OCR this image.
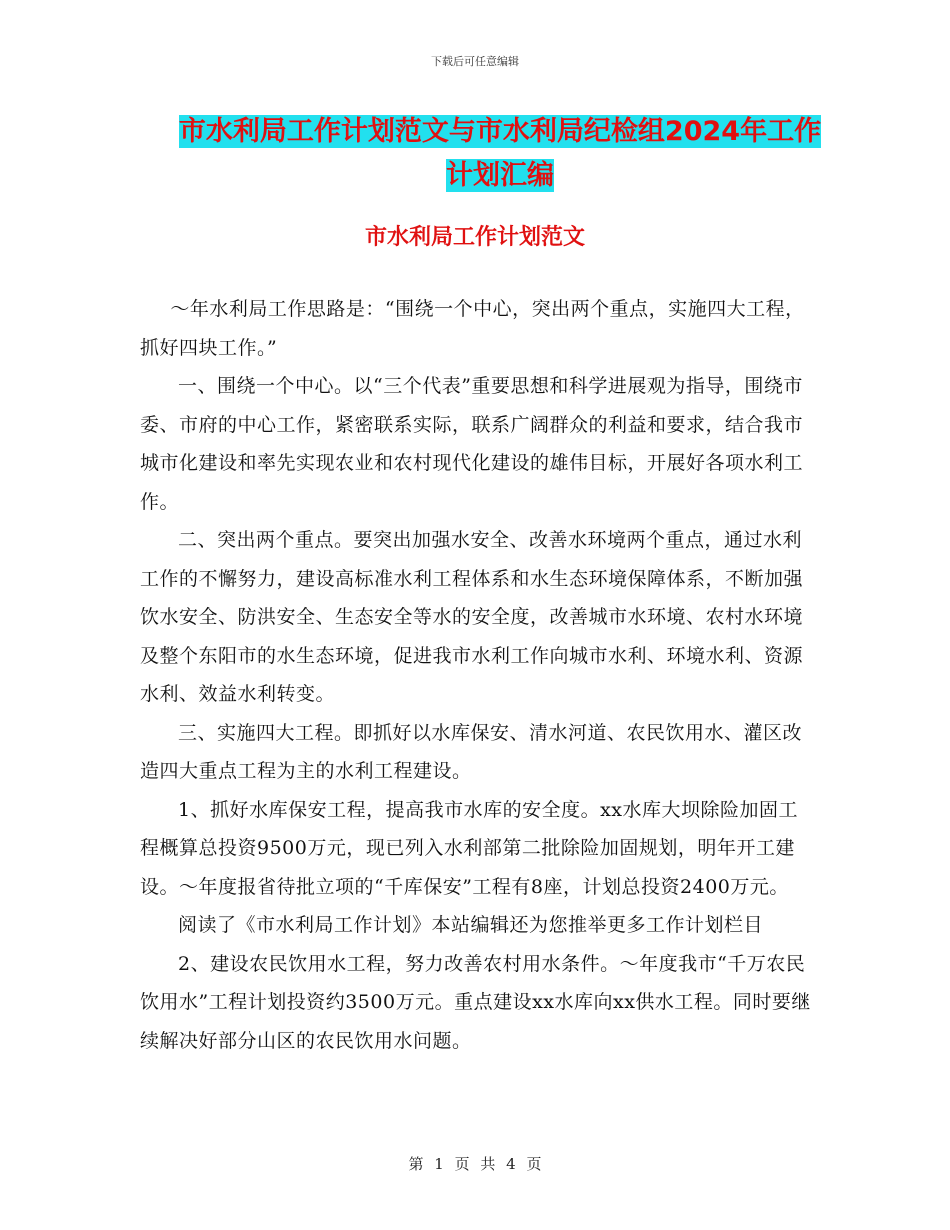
下载后可任意编辑
市水利局工作计划范文与市水利局纪检组2024年工作
计划汇编
市水利局工作计划范文

～年水利局工作思路是：“围绕一个中心，突出两个重点，实施四大工程，抓好四块工作。”

一、围绕一个中心。以“三个代表”重要思想和科学进展观为指导，围绕市委、市府的中心工作，紧密联系实际，联系广阔群众的利益和要求，结合我市城市化建设和率先实现农业和农村现代化建设的雄伟目标，开展好各项水利工作。

二、突出两个重点。要突出加强水安全、改善水环境两个重点，通过水利工作的不懈努力，建设高标准水利工程体系和水生态环境保障体系，不断加强饮水安全、防洪安全、生态安全等水的安全度，改善城市水环境、农村水环境及整个东阳市的水生态环境，促进我市水利工作向城市水利、环境水利、资源水利、效益水利转变。

三、实施四大工程。即抓好以水库保安、清水河道、农民饮用水、灌区改造四大重点工程为主的水利工程建设。

1、抓好水库保安工程，提高我市水库的安全度。xx水库大坝除险加固工程概算总投资9500万元，现已列入水利部第二批除险加固规划，明年开工建设。～年度报省待批立项的“千库保安”工程有8座，计划总投资2400万元。

阅读了《市水利局工作计划》本站编辑还为您推举更多工作计划栏目

2、建设农民饮用水工程，努力改善农村用水条件。～年度我市“千万农民饮用水”工程计划投资约3500万元。重点建设xx水库向xx供水工程。同时要继续解决好部分山区的农民饮用水问题。

第 1 页 共 4 页
